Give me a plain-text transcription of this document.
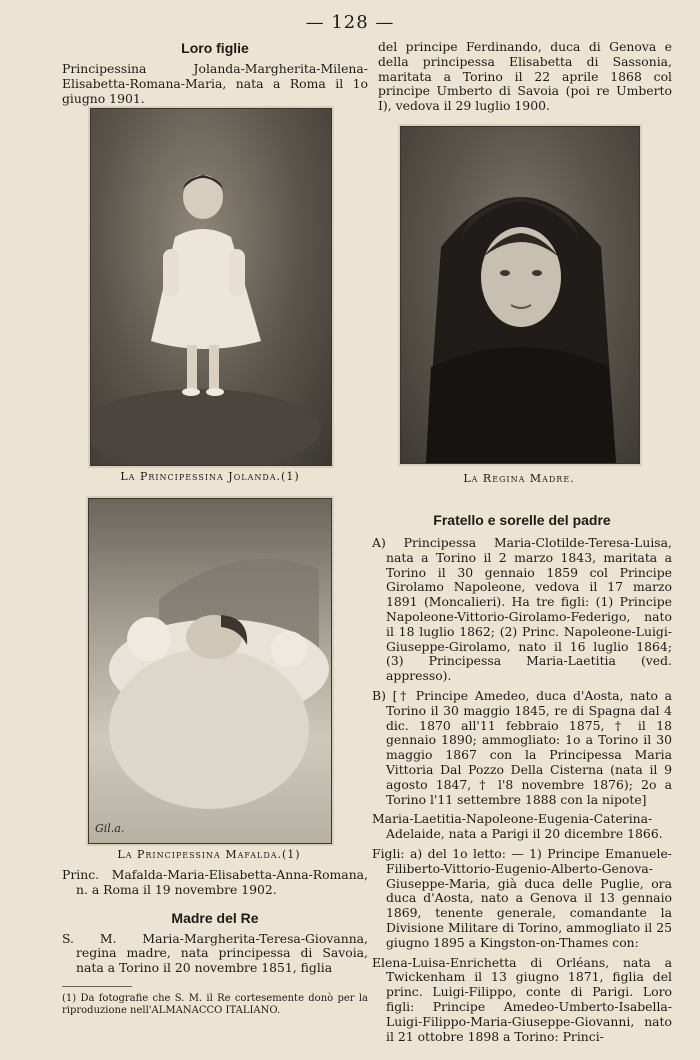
— 128 —
Loro figlie

Principessina Jolanda-Margherita-Milena-Elisabetta-Romana-Maria, nata a Roma il 1o giugno 1901.

La Principessina Jolanda.(1)
Gil.a.
La Principessina Mafalda.(1)

Princ. Mafalda-Maria-Elisabetta-Anna-Romana, n. a Roma il 19 novembre 1902.

Madre del Re

S. M. Maria-Margherita-Teresa-Giovanna, regina madre, nata principessa di Savoia, nata a Torino il 20 novembre 1851, figlia

(1) Da fotografie che S. M. il Re cortesemente donò per la riproduzione nell'ALMANACCO ITALIANO.

del principe Ferdinando, duca di Genova e della principessa Elisabetta di Sassonia, maritata a Torino il 22 aprile 1868 col principe Umberto di Savoia (poi re Umberto I), vedova il 29 luglio 1900.

La Regina Madre.
Fratello e sorelle del padre

A) Principessa Maria-Clotilde-Teresa-Luisa, nata a Torino il 2 marzo 1843, maritata a Torino il 30 gennaio 1859 col Principe Girolamo Napoleone, vedova il 17 marzo 1891 (Moncalieri). Ha tre figli: (1) Principe Napoleone-Vittorio-Girolamo-Federigo, nato il 18 luglio 1862; (2) Princ. Napoleone-Luigi-Giuseppe-Girolamo, nato il 16 luglio 1864; (3) Principessa Maria-Laetitia (ved. appresso).

B) [† Principe Amedeo, duca d'Aosta, nato a Torino il 30 maggio 1845, re di Spagna dal 4 dic. 1870 all'11 febbraio 1875, † il 18 gennaio 1890; ammogliato: 1o a Torino il 30 maggio 1867 con la Principessa Maria Vittoria Dal Pozzo Della Cisterna (nata il 9 agosto 1847, † l'8 novembre 1876); 2o a Torino l'11 settembre 1888 con la nipote]

Maria-Laetitia-Napoleone-Eugenia-Caterina-Adelaide, nata a Parigi il 20 dicembre 1866.

Figli: a) del 1o letto: — 1) Principe Emanuele-Filiberto-Vittorio-Eugenio-Alberto-Genova-Giuseppe-Maria, già duca delle Puglie, ora duca d'Aosta, nato a Genova il 13 gennaio 1869, tenente generale, comandante la Divisione Militare di Torino, ammogliato il 25 giugno 1895 a Kingston-on-Thames con:

Elena-Luisa-Enrichetta di Orléans, nata a Twickenham il 13 giugno 1871, figlia del princ. Luigi-Filippo, conte di Parigi. Loro figli: Principe Amedeo-Umberto-Isabella-Luigi-Filippo-Maria-Giuseppe-Giovanni, nato il 21 ottobre 1898 a Torino: Princi-
